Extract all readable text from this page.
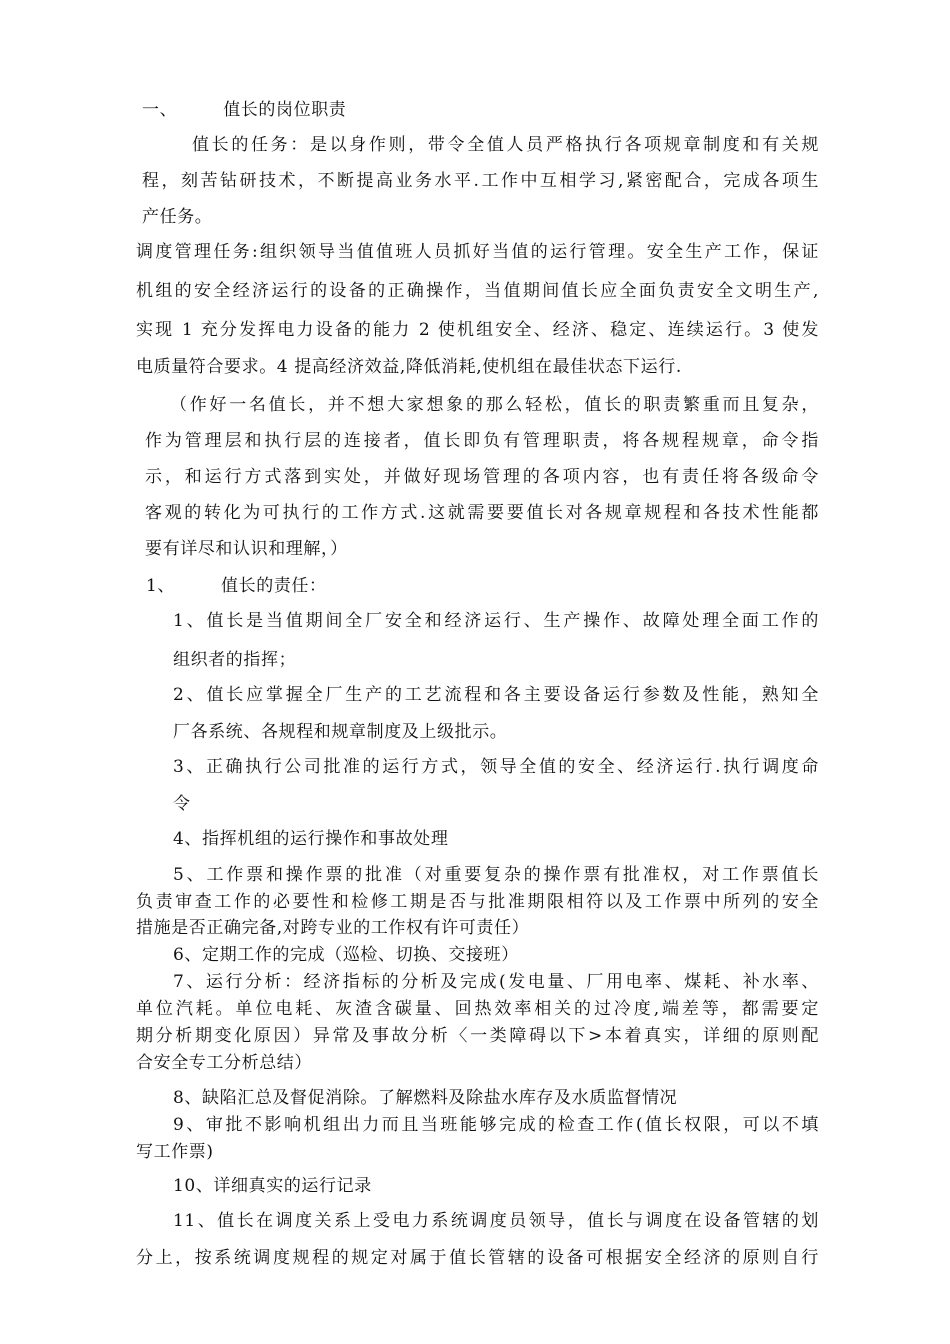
一、	值长的岗位职责
值长的任务：是以身作则，带令全值人员严格执行各项规章制度和有关规
程，刻苦钻研技术，不断提高业务水平.工作中互相学习,紧密配合，完成各项生
产任务。
调度管理任务:组织领导当值值班人员抓好当值的运行管理。安全生产工作，保证
机组的安全经济运行的设备的正确操作，当值期间值长应全面负责安全文明生产,
实现 1 充分发挥电力设备的能力 2 使机组安全、经济、稳定、连续运行。3 使发
电质量符合要求。4 提高经济效益,降低消耗,使机组在最佳状态下运行.
（作好一名值长，并不想大家想象的那么轻松，值长的职责繁重而且复杂，
作为管理层和执行层的连接者，值长即负有管理职责，将各规程规章，命令指
示，和运行方式落到实处，并做好现场管理的各项内容，也有责任将各级命令
客观的转化为可执行的工作方式.这就需要要值长对各规章规程和各技术性能都
要有详尽和认识和理解，）
1、	值长的责任：
1、值长是当值期间全厂安全和经济运行、生产操作、故障处理全面工作的
组织者的指挥；
2、值长应掌握全厂生产的工艺流程和各主要设备运行参数及性能，熟知全
厂各系统、各规程和规章制度及上级批示。
3、正确执行公司批准的运行方式，领导全值的安全、经济运行.执行调度命
令
4、指挥机组的运行操作和事故处理
5、工作票和操作票的批准（对重要复杂的操作票有批准权，对工作票值长
负责审查工作的必要性和检修工期是否与批准期限相符以及工作票中所列的安全
措施是否正确完备,对跨专业的工作权有许可责任）
6、定期工作的完成（巡检、切换、交接班）
7、运行分析：经济指标的分析及完成(发电量、厂用电率、煤耗、补水率、
单位汽耗。单位电耗、灰渣含碳量、回热效率相关的过冷度,端差等，都需要定
期分析期变化原因）异常及事故分析〈一类障碍以下>本着真实，详细的原则配
合安全专工分析总结）
8、缺陷汇总及督促消除。了解燃料及除盐水库存及水质监督情况
9、审批不影响机组出力而且当班能够完成的检查工作(值长权限，可以不填
写工作票)
10、详细真实的运行记录
11、值长在调度关系上受电力系统调度员领导，值长与调度在设备管辖的划
分上，按系统调度规程的规定对属于值长管辖的设备可根据安全经济的原则自行
